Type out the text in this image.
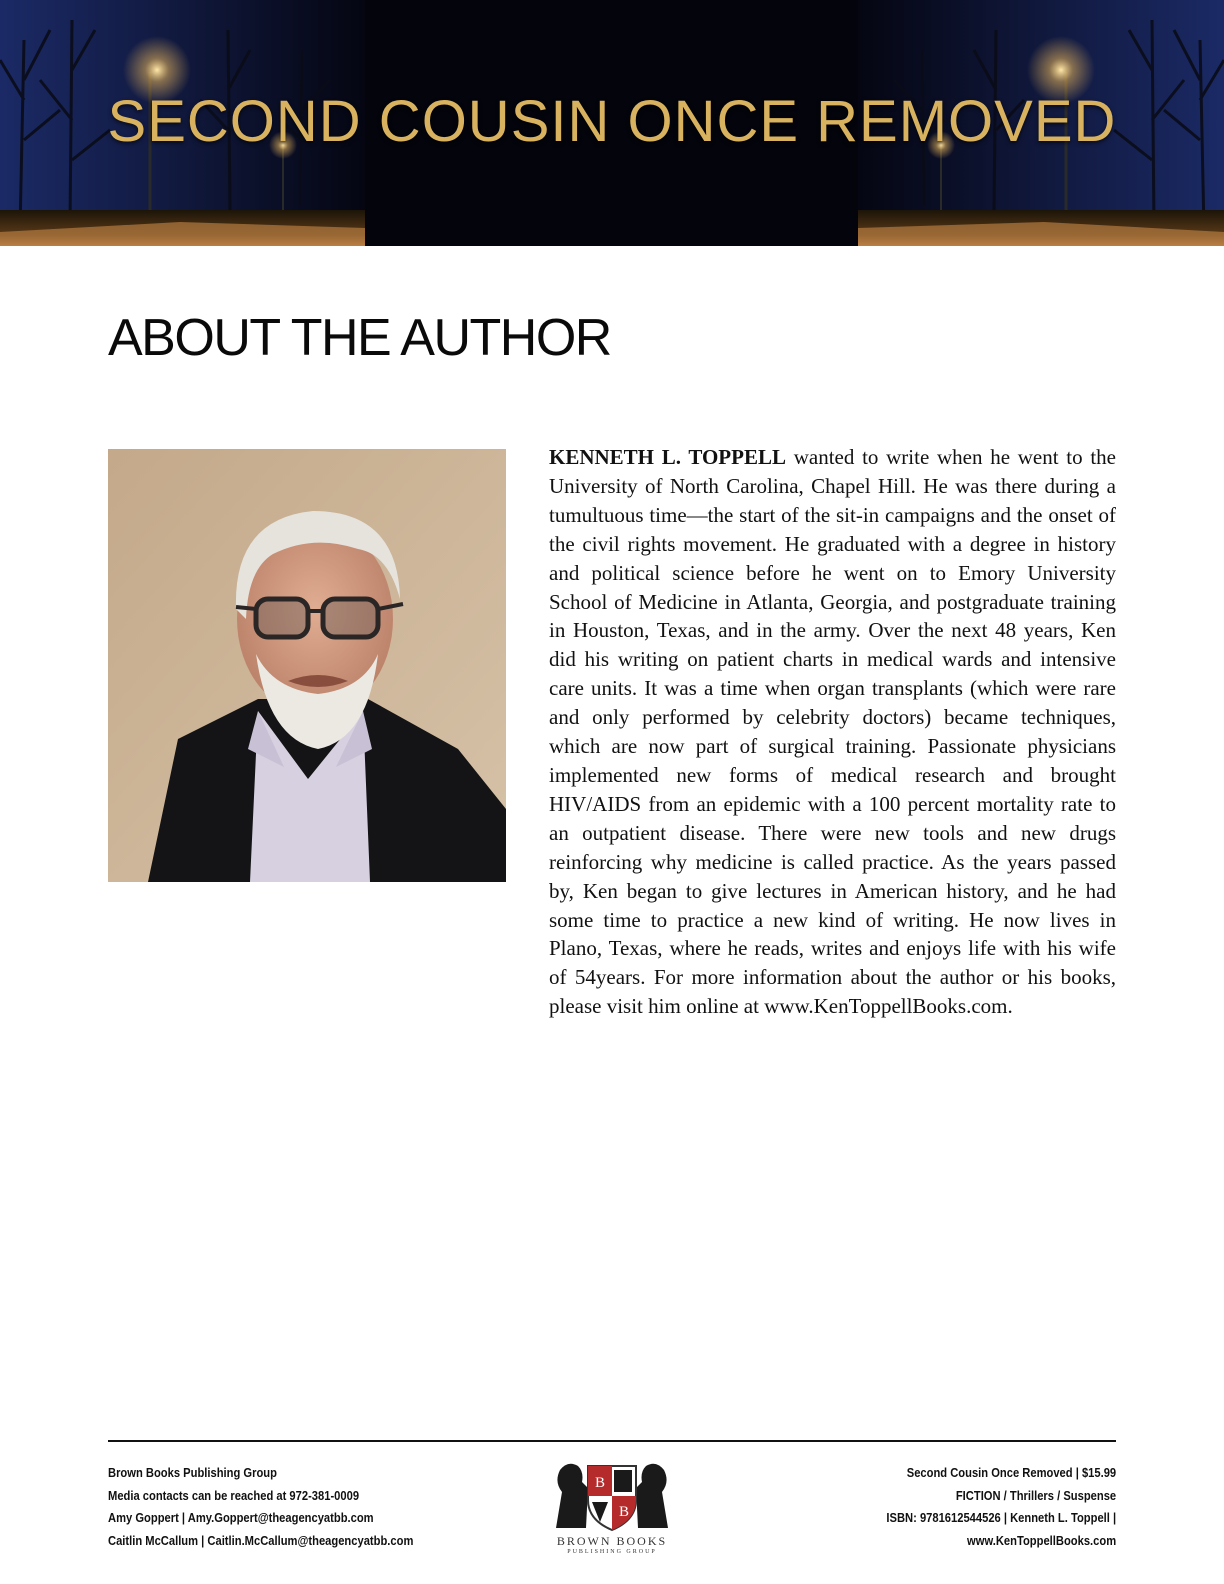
SECOND COUSIN ONCE REMOVED
ABOUT THE AUTHOR

KENNETH L. TOPPELL wanted to write when he went to the University of North Carolina, Chapel Hill. He was there during a tumultuous time—the start of the sit-in campaigns and the onset of the civil rights movement. He graduated with a degree in history and political science before he went on to Emory University School of Medicine in Atlanta, Georgia, and postgraduate training in Houston, Texas, and in the army. Over the next 48 years, Ken did his writing on patient charts in medical wards and intensive care units. It was a time when organ transplants (which were rare and only performed by celebrity doctors) became techniques, which are now part of surgical training. Passionate physicians implemented new forms of medical research and brought HIV/AIDS from an epidemic with a 100 percent mortality rate to an outpatient disease. There were new tools and new drugs reinforcing why medicine is called practice. As the years passed by, Ken began to give lectures in American history, and he had some time to practice a new kind of writing. He now lives in Plano, Texas, where he reads, writes and enjoys life with his wife of 54years. For more information about the author or his books, please visit him online at www.KenToppellBooks.com.

Brown Books Publishing Group
Media contacts can be reached at 972-381-0009
Amy Goppert | Amy.Goppert@theagencyatbb.com
Caitlin McCallum | Caitlin.McCallum@theagencyatbb.com
B
B
BROWN BOOKS
PUBLISHING GROUP
Second Cousin Once Removed | $15.99
FICTION / Thrillers / Suspense
ISBN: 9781612544526 | Kenneth L. Toppell |
www.KenToppellBooks.com
